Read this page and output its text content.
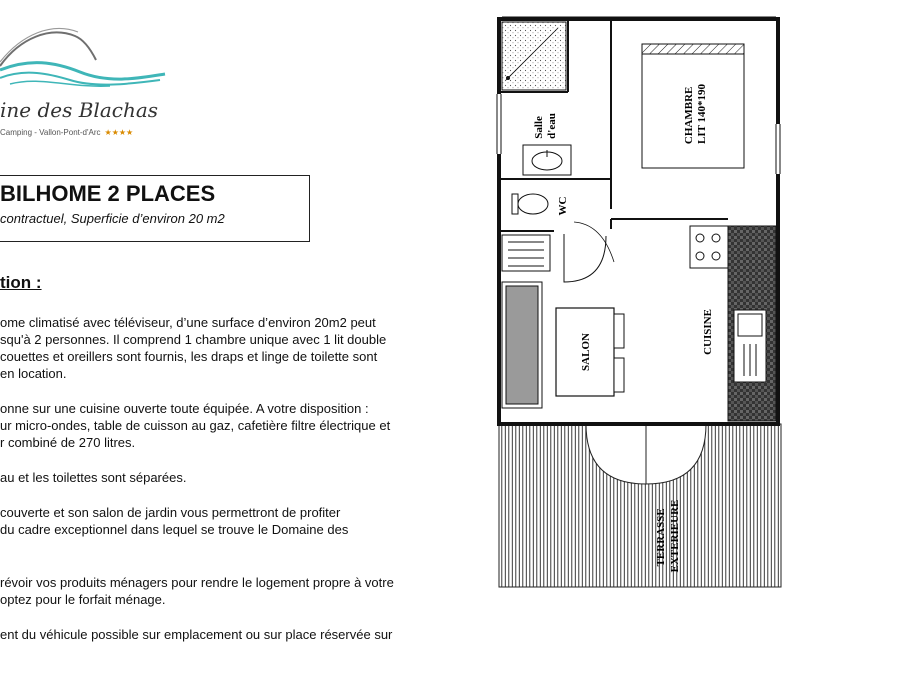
ine des Blachas
Camping - Vallon-Pont-d'Arc ★★★★
BILHOME 2 PLACES
contractuel, Superficie d’environ 20 m2
tion :

ome climatisé avec téléviseur, d’une surface d’environ 20m2 peut

squ'à 2 personnes. Il comprend 1 chambre unique avec 1 lit double

couettes et oreillers sont fournis, les draps et linge de toilette sont

en location.

onne sur une cuisine ouverte toute équipée. A votre disposition :

ur micro-ondes, table de cuisson au gaz, cafetière filtre électrique et

r combiné de 270 litres.

au et les toilettes sont séparées.

couverte et son salon de jardin vous permettront de profiter

du cadre exceptionnel dans lequel se trouve le Domaine des

révoir vos produits ménagers pour rendre le logement propre à votre

optez pour le forfait ménage.

ent du véhicule possible sur emplacement ou sur place réservée sur

Salle d'eau
WC
CHAMBRE LIT 140*190
SALON	CUISINE
TERRASSE EXTERIEURE
